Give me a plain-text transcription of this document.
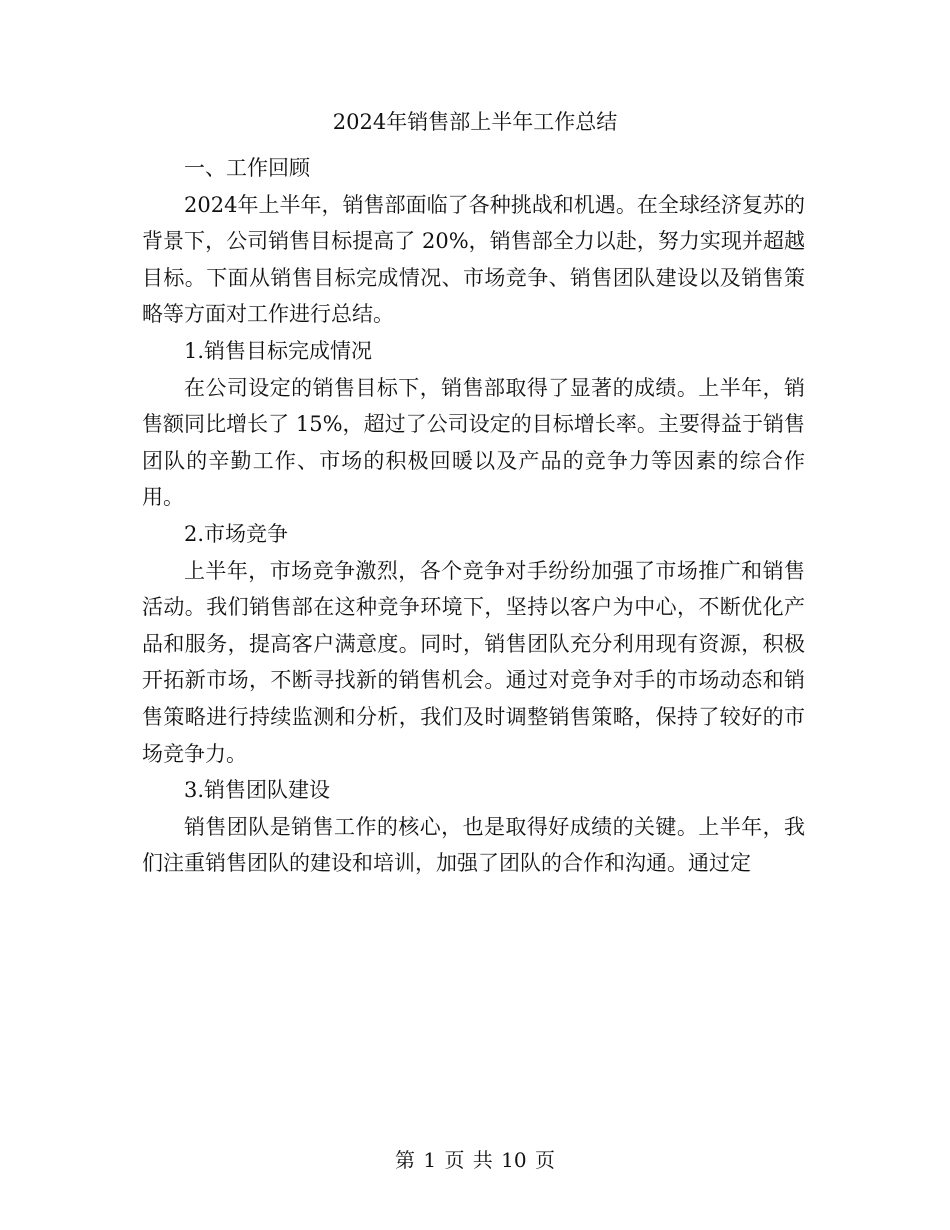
2024年销售部上半年工作总结

一、工作回顾

2024年上半年，销售部面临了各种挑战和机遇。在全球经济复苏的背景下，公司销售目标提高了 20%，销售部全力以赴，努力实现并超越目标。下面从销售目标完成情况、市场竞争、销售团队建设以及销售策略等方面对工作进行总结。

1.销售目标完成情况

在公司设定的销售目标下，销售部取得了显著的成绩。上半年，销售额同比增长了 15%，超过了公司设定的目标增长率。主要得益于销售团队的辛勤工作、市场的积极回暖以及产品的竞争力等因素的综合作用。

2.市场竞争

上半年，市场竞争激烈，各个竞争对手纷纷加强了市场推广和销售活动。我们销售部在这种竞争环境下，坚持以客户为中心，不断优化产品和服务，提高客户满意度。同时，销售团队充分利用现有资源，积极开拓新市场，不断寻找新的销售机会。通过对竞争对手的市场动态和销售策略进行持续监测和分析，我们及时调整销售策略，保持了较好的市场竞争力。

3.销售团队建设

销售团队是销售工作的核心，也是取得好成绩的关键。上半年，我们注重销售团队的建设和培训，加强了团队的合作和沟通。通过定

第 1 页 共 10 页
